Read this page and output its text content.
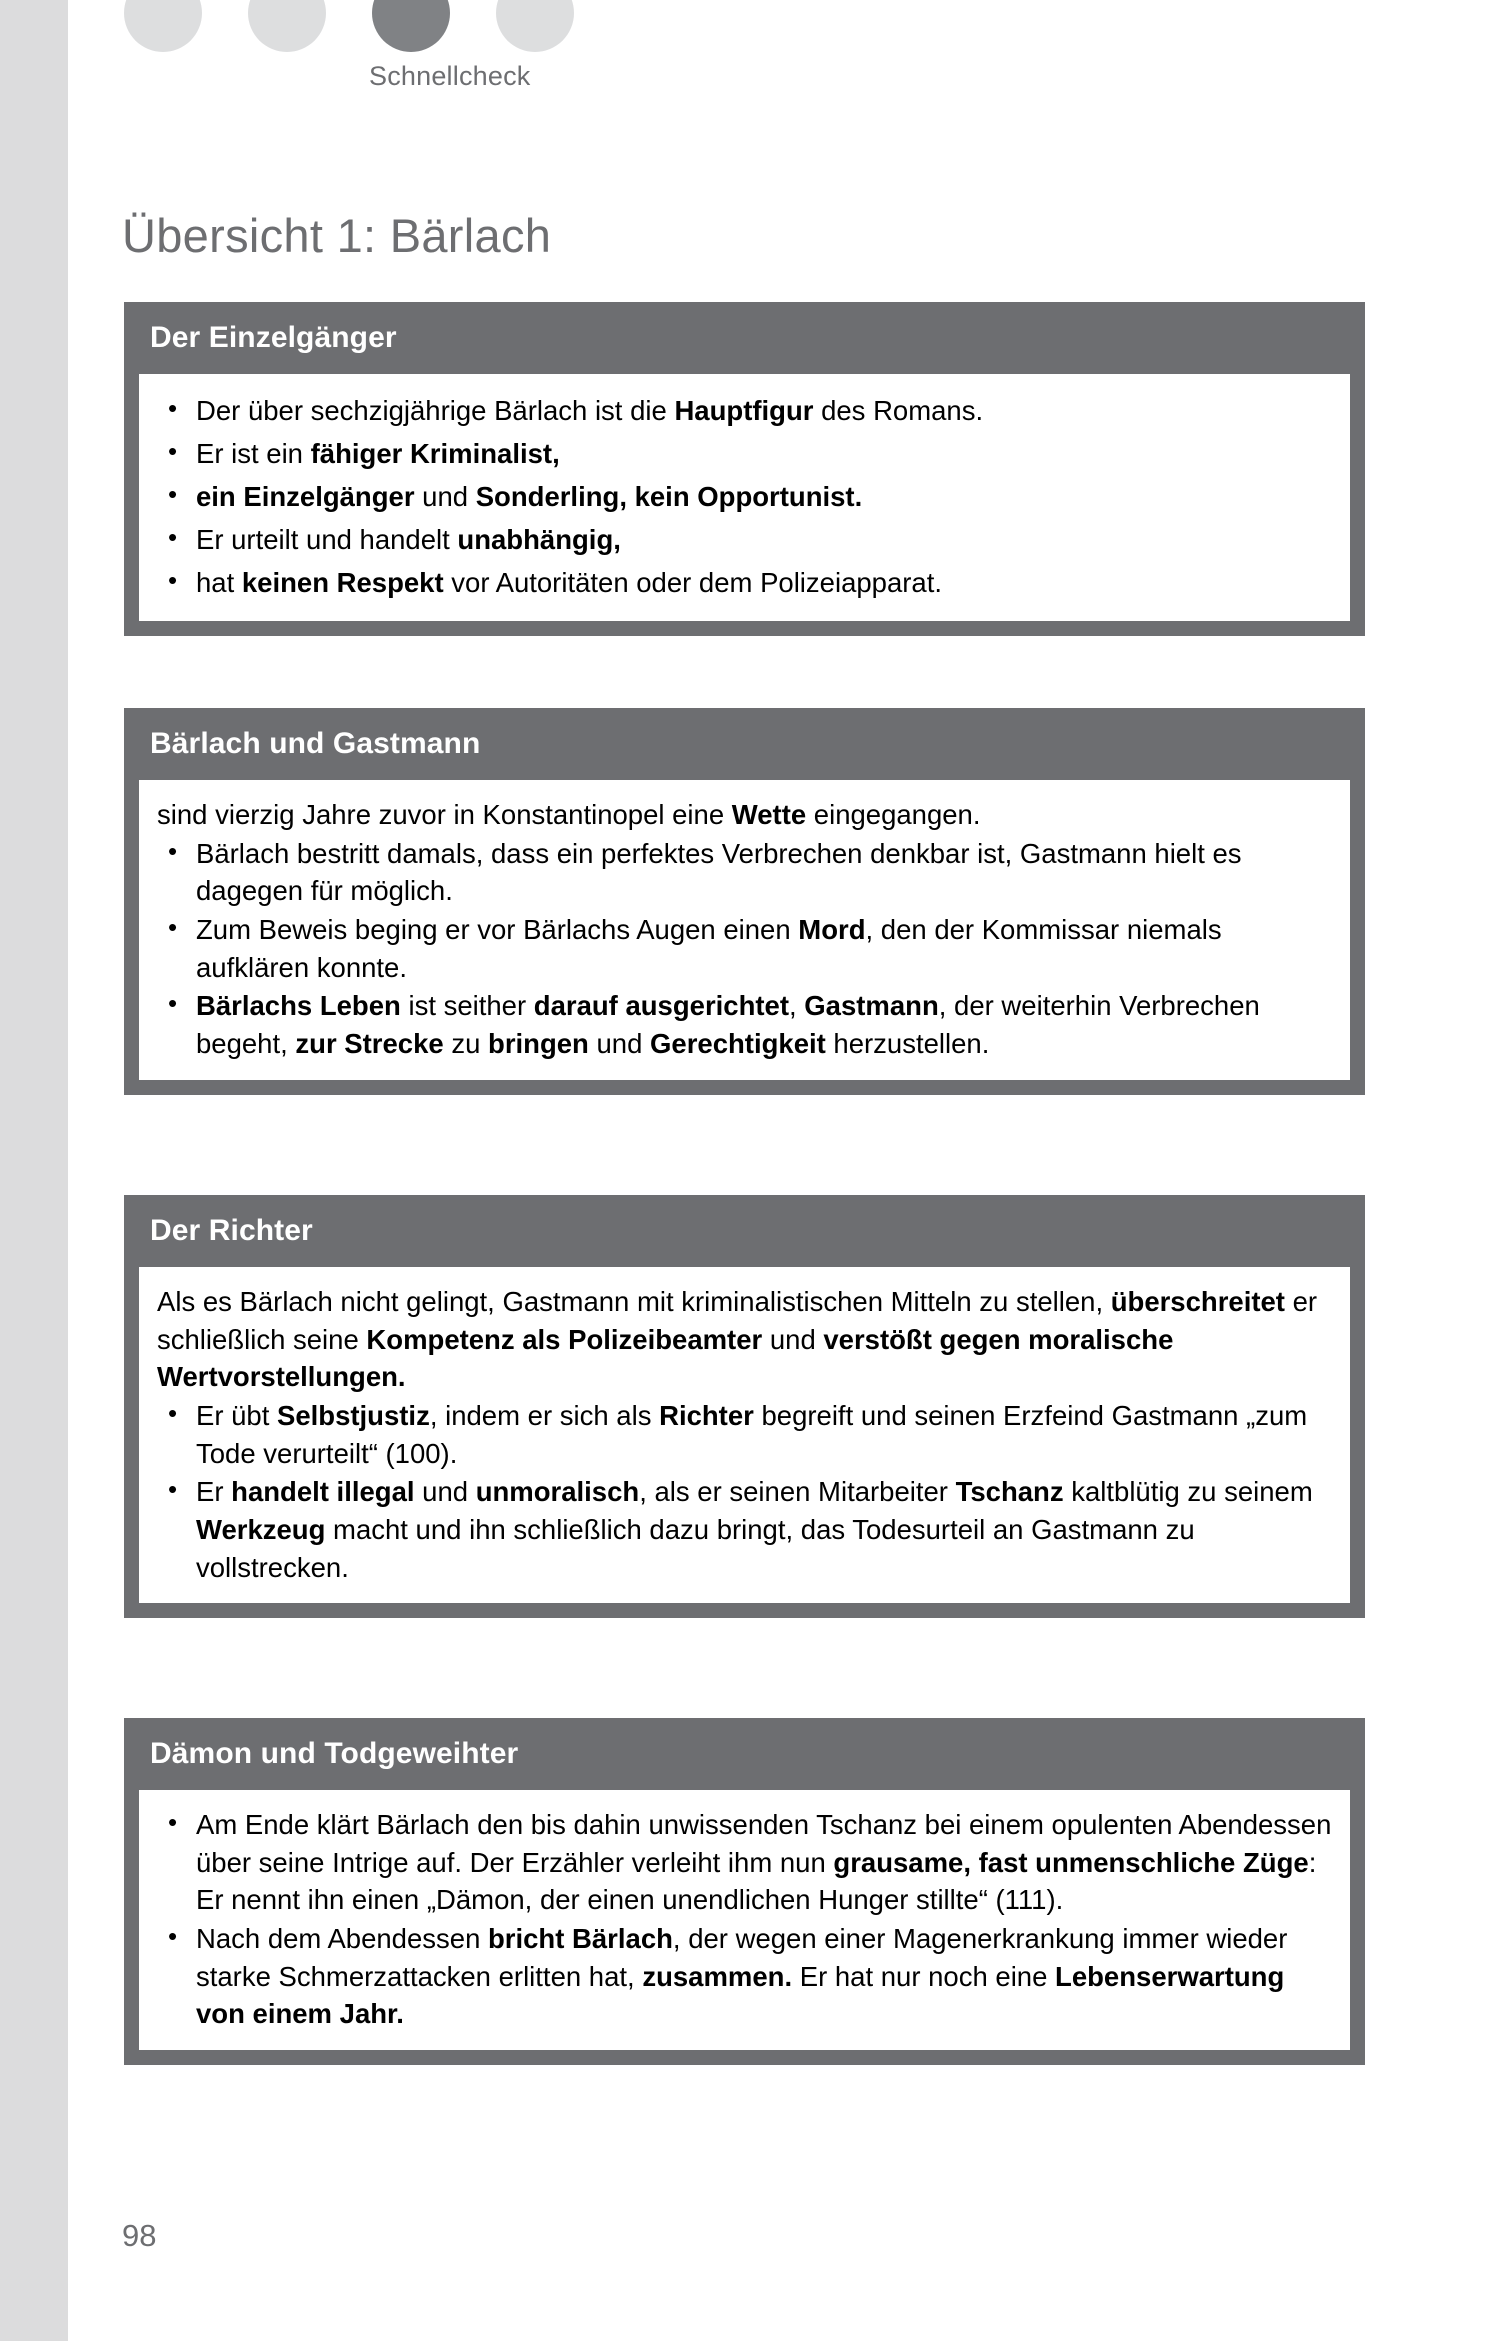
Schnellcheck
Übersicht 1: Bärlach
Der Einzelgänger
• Der über sechzigjährige Bärlach ist die Hauptfigur des Romans.
• Er ist ein fähiger Kriminalist,
• ein Einzelgänger und Sonderling, kein Opportunist.
• Er urteilt und handelt unabhängig,
• hat keinen Respekt vor Autoritäten oder dem Polizeiapparat.
Bärlach und Gastmann

sind vierzig Jahre zuvor in Konstantinopel eine Wette eingegangen.

• Bärlach bestritt damals, dass ein perfektes Verbrechen denkbar ist, Gastmann hielt es dagegen für möglich.
• Zum Beweis beging er vor Bärlachs Augen einen Mord, den der Kommissar niemals aufklären konnte.
• Bärlachs Leben ist seither darauf ausgerichtet, Gastmann, der weiterhin Verbrechen begeht, zur Strecke zu bringen und Gerechtigkeit herzustellen.
Der Richter

Als es Bärlach nicht gelingt, Gastmann mit kriminalistischen Mitteln zu stellen, überschreitet er schließlich seine Kompetenz als Polizeibeamter und verstößt gegen moralische Wertvorstellungen.

• Er übt Selbstjustiz, indem er sich als Richter begreift und seinen Erzfeind Gastmann „zum Tode verurteilt“ (100).
• Er handelt illegal und unmoralisch, als er seinen Mitarbeiter Tschanz kaltblütig zu seinem Werkzeug macht und ihn schließlich dazu bringt, das Todesurteil an Gastmann zu vollstrecken.
Dämon und Todgeweihter
• Am Ende klärt Bärlach den bis dahin unwissenden Tschanz bei einem opulenten Abendessen über seine Intrige auf. Der Erzähler verleiht ihm nun grausame, fast unmenschliche Züge: Er nennt ihn einen „Dämon, der einen unendlichen Hunger stillte“ (111).
• Nach dem Abendessen bricht Bärlach, der wegen einer Magenerkrankung immer wieder starke Schmerzattacken erlitten hat, zusammen. Er hat nur noch eine Lebenserwartung von einem Jahr.
98
